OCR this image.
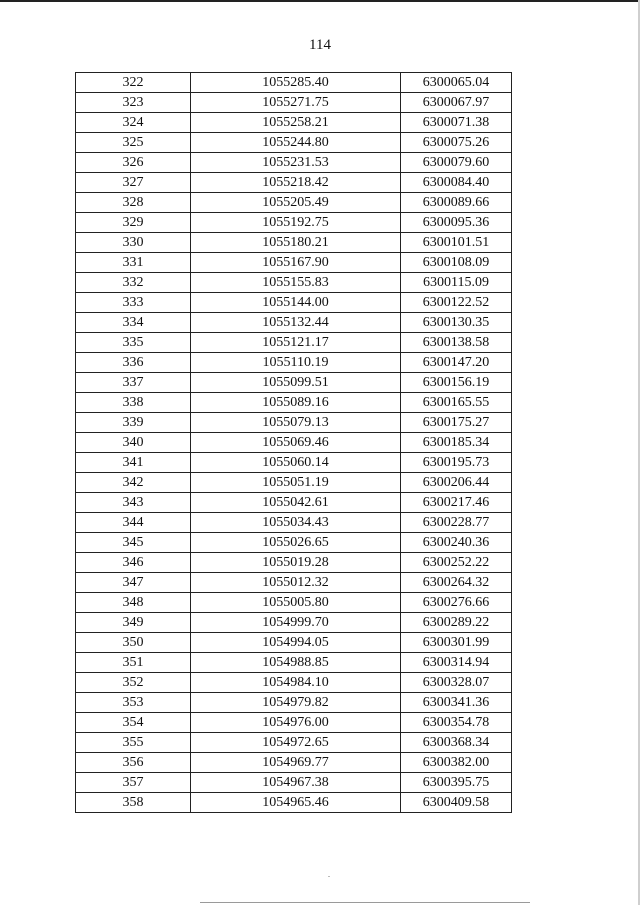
114
322	1055285.40	6300065.04
323	1055271.75	6300067.97
324	1055258.21	6300071.38
325	1055244.80	6300075.26
326	1055231.53	6300079.60
327	1055218.42	6300084.40
328	1055205.49	6300089.66
329	1055192.75	6300095.36
330	1055180.21	6300101.51
331	1055167.90	6300108.09
332	1055155.83	6300115.09
333	1055144.00	6300122.52
334	1055132.44	6300130.35
335	1055121.17	6300138.58
336	1055110.19	6300147.20
337	1055099.51	6300156.19
338	1055089.16	6300165.55
339	1055079.13	6300175.27
340	1055069.46	6300185.34
341	1055060.14	6300195.73
342	1055051.19	6300206.44
343	1055042.61	6300217.46
344	1055034.43	6300228.77
345	1055026.65	6300240.36
346	1055019.28	6300252.22
347	1055012.32	6300264.32
348	1055005.80	6300276.66
349	1054999.70	6300289.22
350	1054994.05	6300301.99
351	1054988.85	6300314.94
352	1054984.10	6300328.07
353	1054979.82	6300341.36
354	1054976.00	6300354.78
355	1054972.65	6300368.34
356	1054969.77	6300382.00
357	1054967.38	6300395.75
358	1054965.46	6300409.58
